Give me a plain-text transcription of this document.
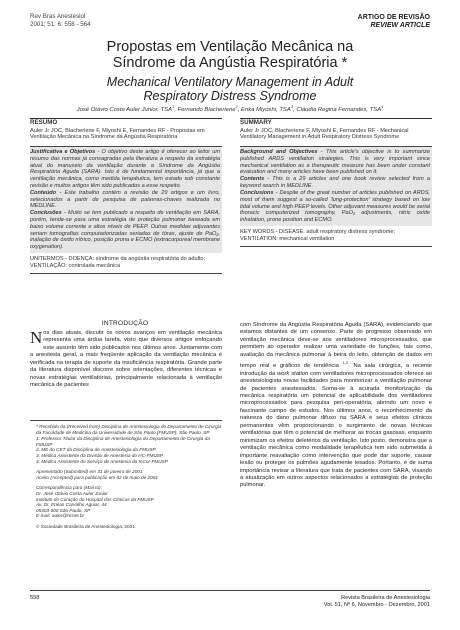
Rev Bras Anestesiol
2001; 51: 6: 558 - 564
ARTIGO DE REVISÃO
REVIEW ARTICLE
Propostas em Ventilação Mecânica na
Síndrome da Angústia Respiratória *
Mechanical Ventilatory Management in Adult
Respiratory Distress Syndrome
José Otávio Costa Auler Junior, TSA$^1$, Fernando Blacheriene$^2$, Erika Miyoshi, TSA$^3$, Cláudia Regina Fernandes, TSA$^4$
RESUMO

Auler Jr JOC, Blacheriene F, Miyoshi E, Fernandes RF - Propostas em Ventilação Mecânica na Síndrome da Angústia Respiratória

Justificativa e Objetivos - O objetivo deste artigo é oferecer ao leitor um resumo das normas já consagradas pela literatura a respeito da estratégia atual do manuseio da ventilação durante a Síndrome da Angústia Respiratória Aguda (SARA). Isto é de fundamental importância, já que a ventilação mecânica, como medida terapêutica, tem estado sob constante revisão e muitos artigos têm sido publicados a esse respeito.

Conteúdo - Este trabalho contém a revisão de 29 artigos e um livro, selecionados a partir de pesquisa de palavras-chaves realizada no MEDLINE.

Conclusões - Muito se tem publicado a respeito de ventilação em SARA, porém, tende-se para uma estratégia de proteção pulmonar baseada em baixo volume corrente e altos níveis de PEEP. Outras medidas adjuvantes seriam tomografias computadorizadas seriadas de tórax, ajuste de PaO₂, inalação de óxido nítrico, posição prona e ECMO (extracorporeal membrane oxygenation).

UNITERMOS - DOENÇA: síndrome da angústia respiratória do adulto; VENTILAÇÃO: controlada mecânica

SUMMARY

Auler Jr JOC, Blacheriene F, Miyoshi E, Fernandes RF - Mechanical Ventilatory Management in Adult Respiratory Distress Syndrome

Background and Objectives - This article's objective is to summarize published ARDS ventilation strategies. This is very important since mechanical ventilation as a therapeutic measure has been under constant evaluation and many articles have been published on it.

Contents - This is a 29 articles and one book review selected from a keyword search in MEDLINE.

Conclusions - Despite of the great number of articles published on ARDS, most of them suggest a so-called 'lung-protection' strategy based on low tidal volume and high PEEP levels. Other adjuvant measures would be serial thoracic computerized tomography, PaO₂ adjustments, nitric oxide inhalation, prone position and ECMO.

KEY WORDS - DISEASE: adult respiratory distress syndrome; VENTILATION: mechanical ventilation

INTRODUÇÃO
Nos dias atuais, discutir os novos avanços em ventilação mecânica representa uma árdua tarefa, visto que diversos artigos enfocando este assunto têm sido publicados nos últimos anos. Juntamente com a anestesia geral, a mais freqüente aplicação da ventilação mecânica é verificada na terapia de suporte da insuficiência respiratória. Grande parte da literatura disponível discorre sobre orientações, diferentes técnicas e novas estratégias ventilatórias, principalmente relacionada à ventilação mecânica de pacientes
com Síndrome da Angústia Respiratória Aguda (SARA), evidenciando que estamos distantes de um consenso. Parte do progresso observado em ventilação mecânica deve-se aos ventiladores microprocessados, que permitem ao operador realizar uma variedade de funções, tais como, avaliação da mecânica pulmonar à beira do leito, obtenção de dados em tempo real e gráficos de tendência $^{1,2}$. Na sala cirúrgica, a recente introdução da work station com ventiladores microprocessados oferece ao anestesiologista novas facilidades para monitorizar a ventilação pulmonar de pacientes anestesiados. Soma-se à acurada monitorização da mecânica respiratória um potencial de aplicabilidade dos ventiladores microprocessados para pesquisa peri-operatória, abrindo um novo e fascinante campo de estudos. Nos últimos anos, o reconhecimento da natureza do dano pulmonar difuso na SARA e seus efeitos clínicos permanentes vêm proporcionando o surgimento de novas técnicas ventilatórias que têm o potencial de melhorar as trocas gasosas, enquanto minimizam os efeitos deletérios da ventilação. Isto posto, demonstra que a ventilação mecânica como modalidade terapêutica tem sido submetida à importante reavaliação como intervenção que pode dar suporte, causar lesão ou proteger os pulmões agudamente lesados. Portanto, é de suma importância revisar a literatura que trata de pacientes com SARA, visando à atualização em outros aspectos relacionados a estratégias de proteção pulmonar.

* Recebido da (Received from) Disciplina de Anestesiologia do Departamento de Cirurgia da Faculdade de Medicina da Universidade de São Paulo (FMUSP), São Paulo, SP

1. Professor Titular da Disciplina de Anestesiologia do Departamento de Cirurgia da FMUSP

2. ME do CET da Disciplina de Anestesiologia da FMUSP

3. Médica Assistente da Divisão de Anestesia do HC-FMUSP

4. Médica Assistente do Serviço de Anestesia do InCor-FMUSP

Apresentado (Submitted) em 31 de janeiro de 2001

Aceito (Accepted) para publicação em 02 de maio de 2001

Correspondência para (Mail to):

Dr. José Otávio Costa Auler Junior

Instituto do Coração do Hospital das Clínicas da FMUSP

Av. Dr. Enéas Carvalho Aguiar, 44

05403-000 São Paulo, SP

E-mail: auler@hcnet.br

© Sociedade Brasileira de Anestesiologia, 2001

558	Revista Brasileira de Anestesiologia
Vol. 51, Nº 6, Novembro - Dezembro, 2001
